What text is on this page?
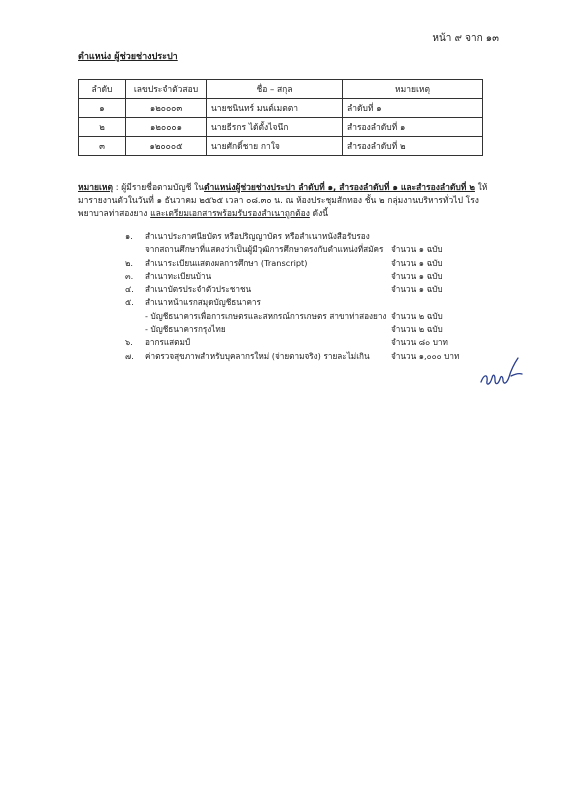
หน้า ๙ จาก ๑๓
ตำแหน่ง ผู้ช่วยช่างประปา
ลำดับ	เลขประจำตัวสอบ	ชื่อ – สกุล	หมายเหตุ
๑	๑๒๐๐๐๓	นายชนินทร์ มนต์เมตตา	ลำดับที่ ๑
๒	๑๒๐๐๐๑	นายธีรกร ได้ตั้งไจนึก	สำรองลำดับที่ ๑
๓	๑๒๐๐๐๕	นายศักดิ์ชาย กาใจ	สำรองลำดับที่ ๒
หมายเหตุ : ผู้มีรายชื่อตามบัญชี ในตำแหน่งผู้ช่วยช่างประปา ลำดับที่ ๑, สำรองลำดับที่ ๑ และสำรองลำดับที่ ๒ ให้มารายงานตัวในวันที่ ๑ ธันวาคม ๒๕๖๕ เวลา ๐๘.๓๐ น. ณ ห้องประชุมสักทอง ชั้น ๒ กลุ่มงานบริหารทั่วไป โรงพยาบาลท่าสองยาง และเตรียมเอกสารพร้อมรับรองสำเนาถูกต้อง ดังนี้
๑. สำเนาประกาศนียบัตร หรือปริญญาบัตร หรือสำเนาหนังสือรับรอง
จากสถานศึกษาที่แสดงว่าเป็นผู้มีวุฒิการศึกษาตรงกับตำแหน่งที่สมัคร จำนวน ๑ ฉบับ
๒. สำเนาระเบียนแสดงผลการศึกษา (Transcript)	จำนวน ๑ ฉบับ
๓. สำเนาทะเบียนบ้าน	จำนวน ๑ ฉบับ
๔. สำเนาบัตรประจำตัวประชาชน	จำนวน ๑ ฉบับ
๕. สำเนาหน้าแรกสมุดบัญชีธนาคาร
- บัญชีธนาคารเพื่อการเกษตรและสหกรณ์การเกษตร สาขาท่าสองยาง จำนวน ๒ ฉบับ
- บัญชีธนาคารกรุงไทย	จำนวน ๒ ฉบับ
๖. อากรแสตมป์	จำนวน ๘๐ บาท
๗. ค่าตรวจสุขภาพสำหรับบุคลากรใหม่ (จ่ายตามจริง) รายละไม่เกิน	จำนวน ๑,๐๐๐ บาท
